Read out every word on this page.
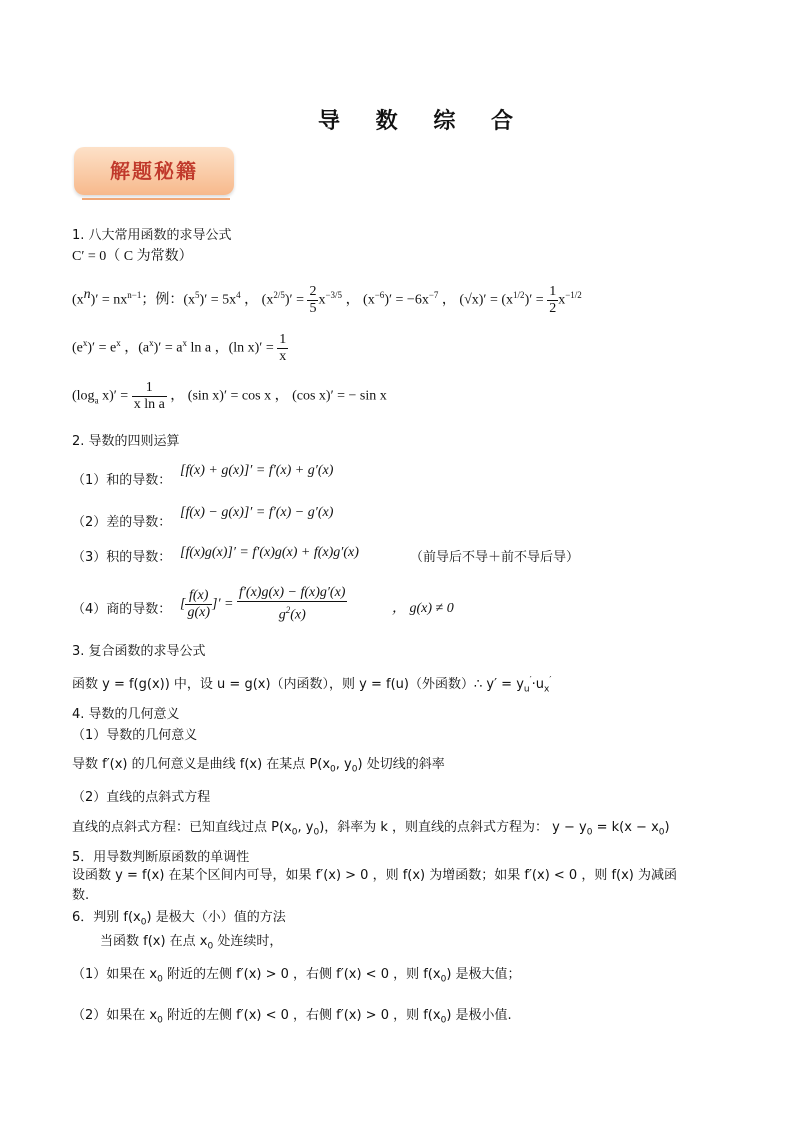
导 数 综 合
解题秘籍
1. 八大常用函数的求导公式
C′ = 0（ C 为常数）
$(x^n)' = nx^{n-1}$；例：$(x^5)' = 5x^4$ ， $(x^{2/5})' = \frac{2}{5} x^{-3/5}$ ， $(x^{-6})' = -6x^{-7}$ ， $(√x)' = (x^{1/2})' = \frac{1}{2} x^{-1/2}$
$(e^x)' = e^x$ ，$(a^x)' = a^x$ ln a ，(ln $x)' = \frac{1}{x}$
($\log_a$ $x)' = \frac{1}{\text{x ln a}}$ ， (sin x)′ = cos x ， (cos x)′ = − sin x
2. 导数的四则运算
（1）和的导数：
[f(x) + g(x)]′ = f′(x) + g′(x)
（2）差的导数：
[f(x) − g(x)]′ = f′(x) − g′(x)
（3）积的导数： [f(x)g(x)]′ = f′(x)g(x) + f(x)g′(x)	（前导后不导＋前不导后导）
（4）商的导数： [ $\frac{f(x)}{g(x)}$ ]′ = $\frac{f'(x)g(x) - f(x)g'(x)}{g^2(x)}$	， g(x) ≠ 0
3. 复合函数的求导公式
函数 y = f(g(x)) 中，设 u = g(x)（内函数），则 y = f(u)（外函数）∴ $y' = y_u'\cdot u_x'$
4. 导数的几何意义
（1）导数的几何意义
导数 f′(x) 的几何意义是曲线 f(x) 在某点 $P(x_0$, $y_0$) 处切线的斜率
（2）直线的点斜式方程
直线的点斜式方程：已知直线过点 $P(x_0$, $y_0$)，斜率为 k ，则直线的点斜式方程为： $y - y_0 = k(x - x_0)$
5．用导数判断原函数的单调性
设函数 y = f(x) 在某个区间内可导，如果 f′(x) > 0 ，则 f(x) 为增函数；如果 f′(x) < 0 ，则 f(x) 为减函
数.
6．判别 $f(x_0)$ 是极大（小）值的方法
当函数 f(x) 在点 $x_0$ 处连续时，
（1）如果在 $x_0$ 附近的左侧 f′(x) > 0 ，右侧 f′(x) < 0 ，则 $f(x_0)$ 是极大值；
（2）如果在 $x_0$ 附近的左侧 f′(x) < 0 ，右侧 f′(x) > 0 ，则 $f(x_0)$ 是极小值.
